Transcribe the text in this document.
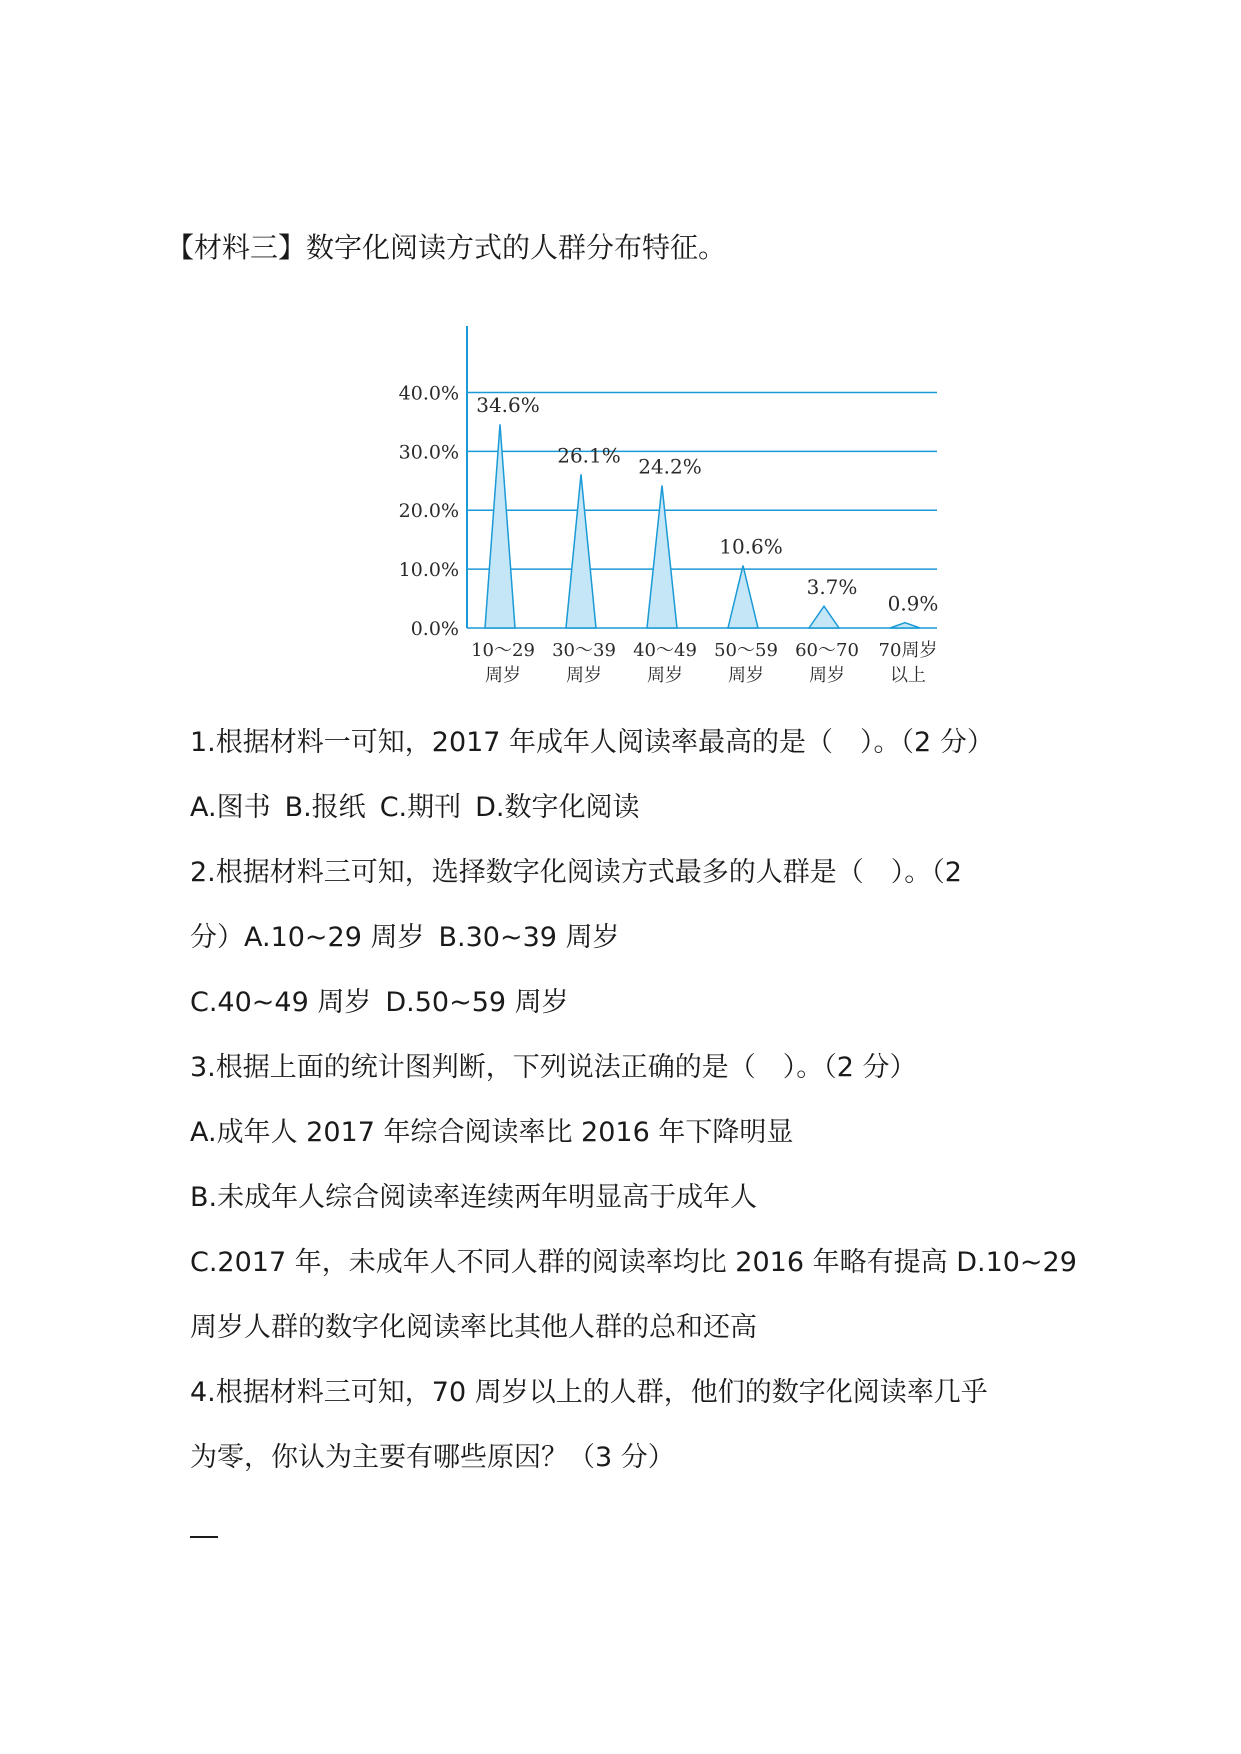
【材料三】数字化阅读方式的人群分布特征。
0.0%
10.0%
20.0%
30.0%
40.0% 34.6%
10～29
周岁
26.1%
30～39
周岁
24.2%
40～49
周岁
10.6%
50～59
周岁
3.7%
60～70
周岁
0.9%
70周岁
以上
1.根据材料一可知，2017 年成年人阅读率最高的是（　）。（2 分）
A.图书 B.报纸 C.期刊 D.数字化阅读
2.根据材料三可知，选择数字化阅读方式最多的人群是（　）。（2
分）A.10~29 周岁 B.30~39 周岁
C.40~49 周岁 D.50~59 周岁
3.根据上面的统计图判断，下列说法正确的是（　）。（2 分）
A.成年人 2017 年综合阅读率比 2016 年下降明显
B.未成年人综合阅读率连续两年明显高于成年人
C.2017 年，未成年人不同人群的阅读率均比 2016 年略有提高 D.10~29
周岁人群的数字化阅读率比其他人群的总和还高
4.根据材料三可知，70 周岁以上的人群，他们的数字化阅读率几乎
为零，你认为主要有哪些原因？（3 分）
